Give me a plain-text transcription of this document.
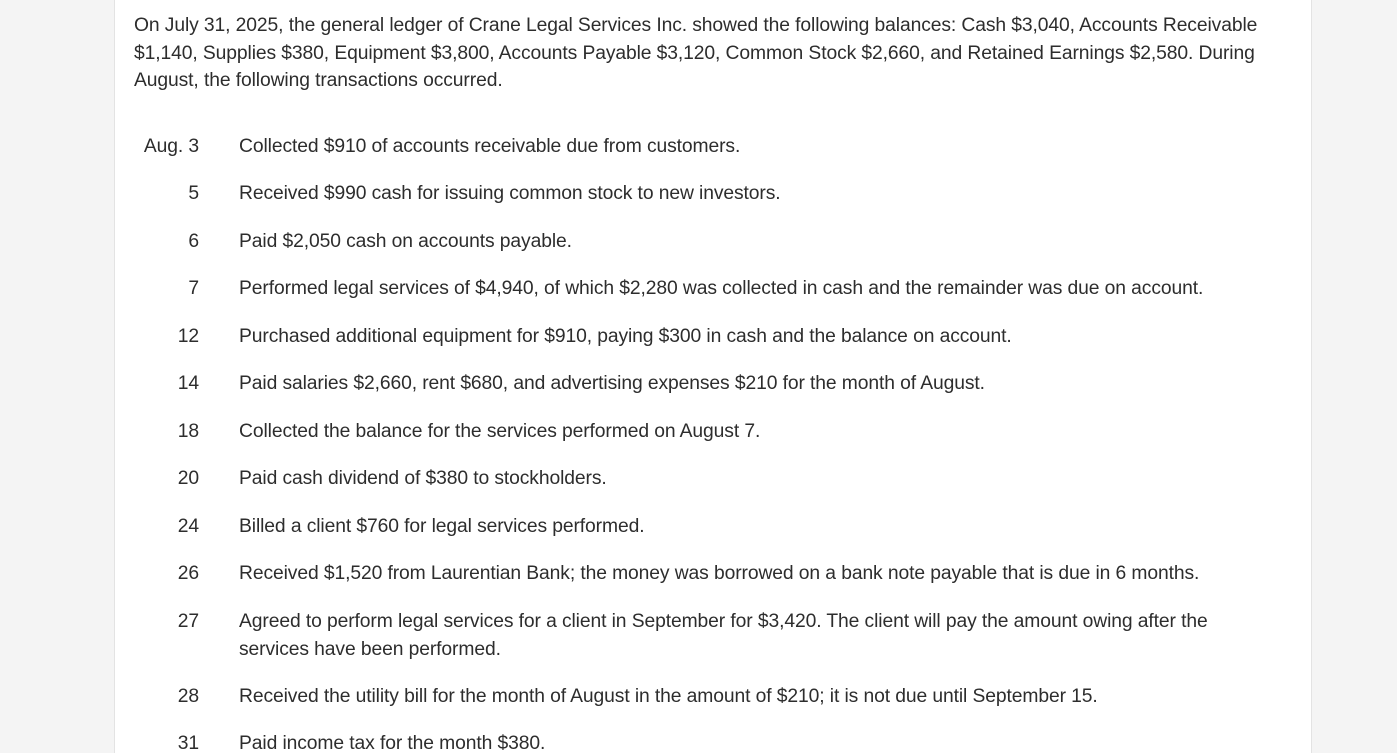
On July 31, 2025, the general ledger of Crane Legal Services Inc. showed the following balances: Cash $3,040, Accounts Receivable $1,140, Supplies $380, Equipment $3,800, Accounts Payable $3,120, Common Stock $2,660, and Retained Earnings $2,580. During August, the following transactions occurred.

Aug. 3 Collected $910 of accounts receivable due from customers.
5 Received $990 cash for issuing common stock to new investors.
6 Paid $2,050 cash on accounts payable.
7 Performed legal services of $4,940, of which $2,280 was collected in cash and the remainder was due on account.
12 Purchased additional equipment for $910, paying $300 in cash and the balance on account.
14 Paid salaries $2,660, rent $680, and advertising expenses $210 for the month of August.
18 Collected the balance for the services performed on August 7.
20 Paid cash dividend of $380 to stockholders.
24 Billed a client $760 for legal services performed.
26 Received $1,520 from Laurentian Bank; the money was borrowed on a bank note payable that is due in 6 months.
27 Agreed to perform legal services for a client in September for $3,420. The client will pay the amount owing after the services have been performed.
28 Received the utility bill for the month of August in the amount of $210; it is not due until September 15.
31 Paid income tax for the month $380.
